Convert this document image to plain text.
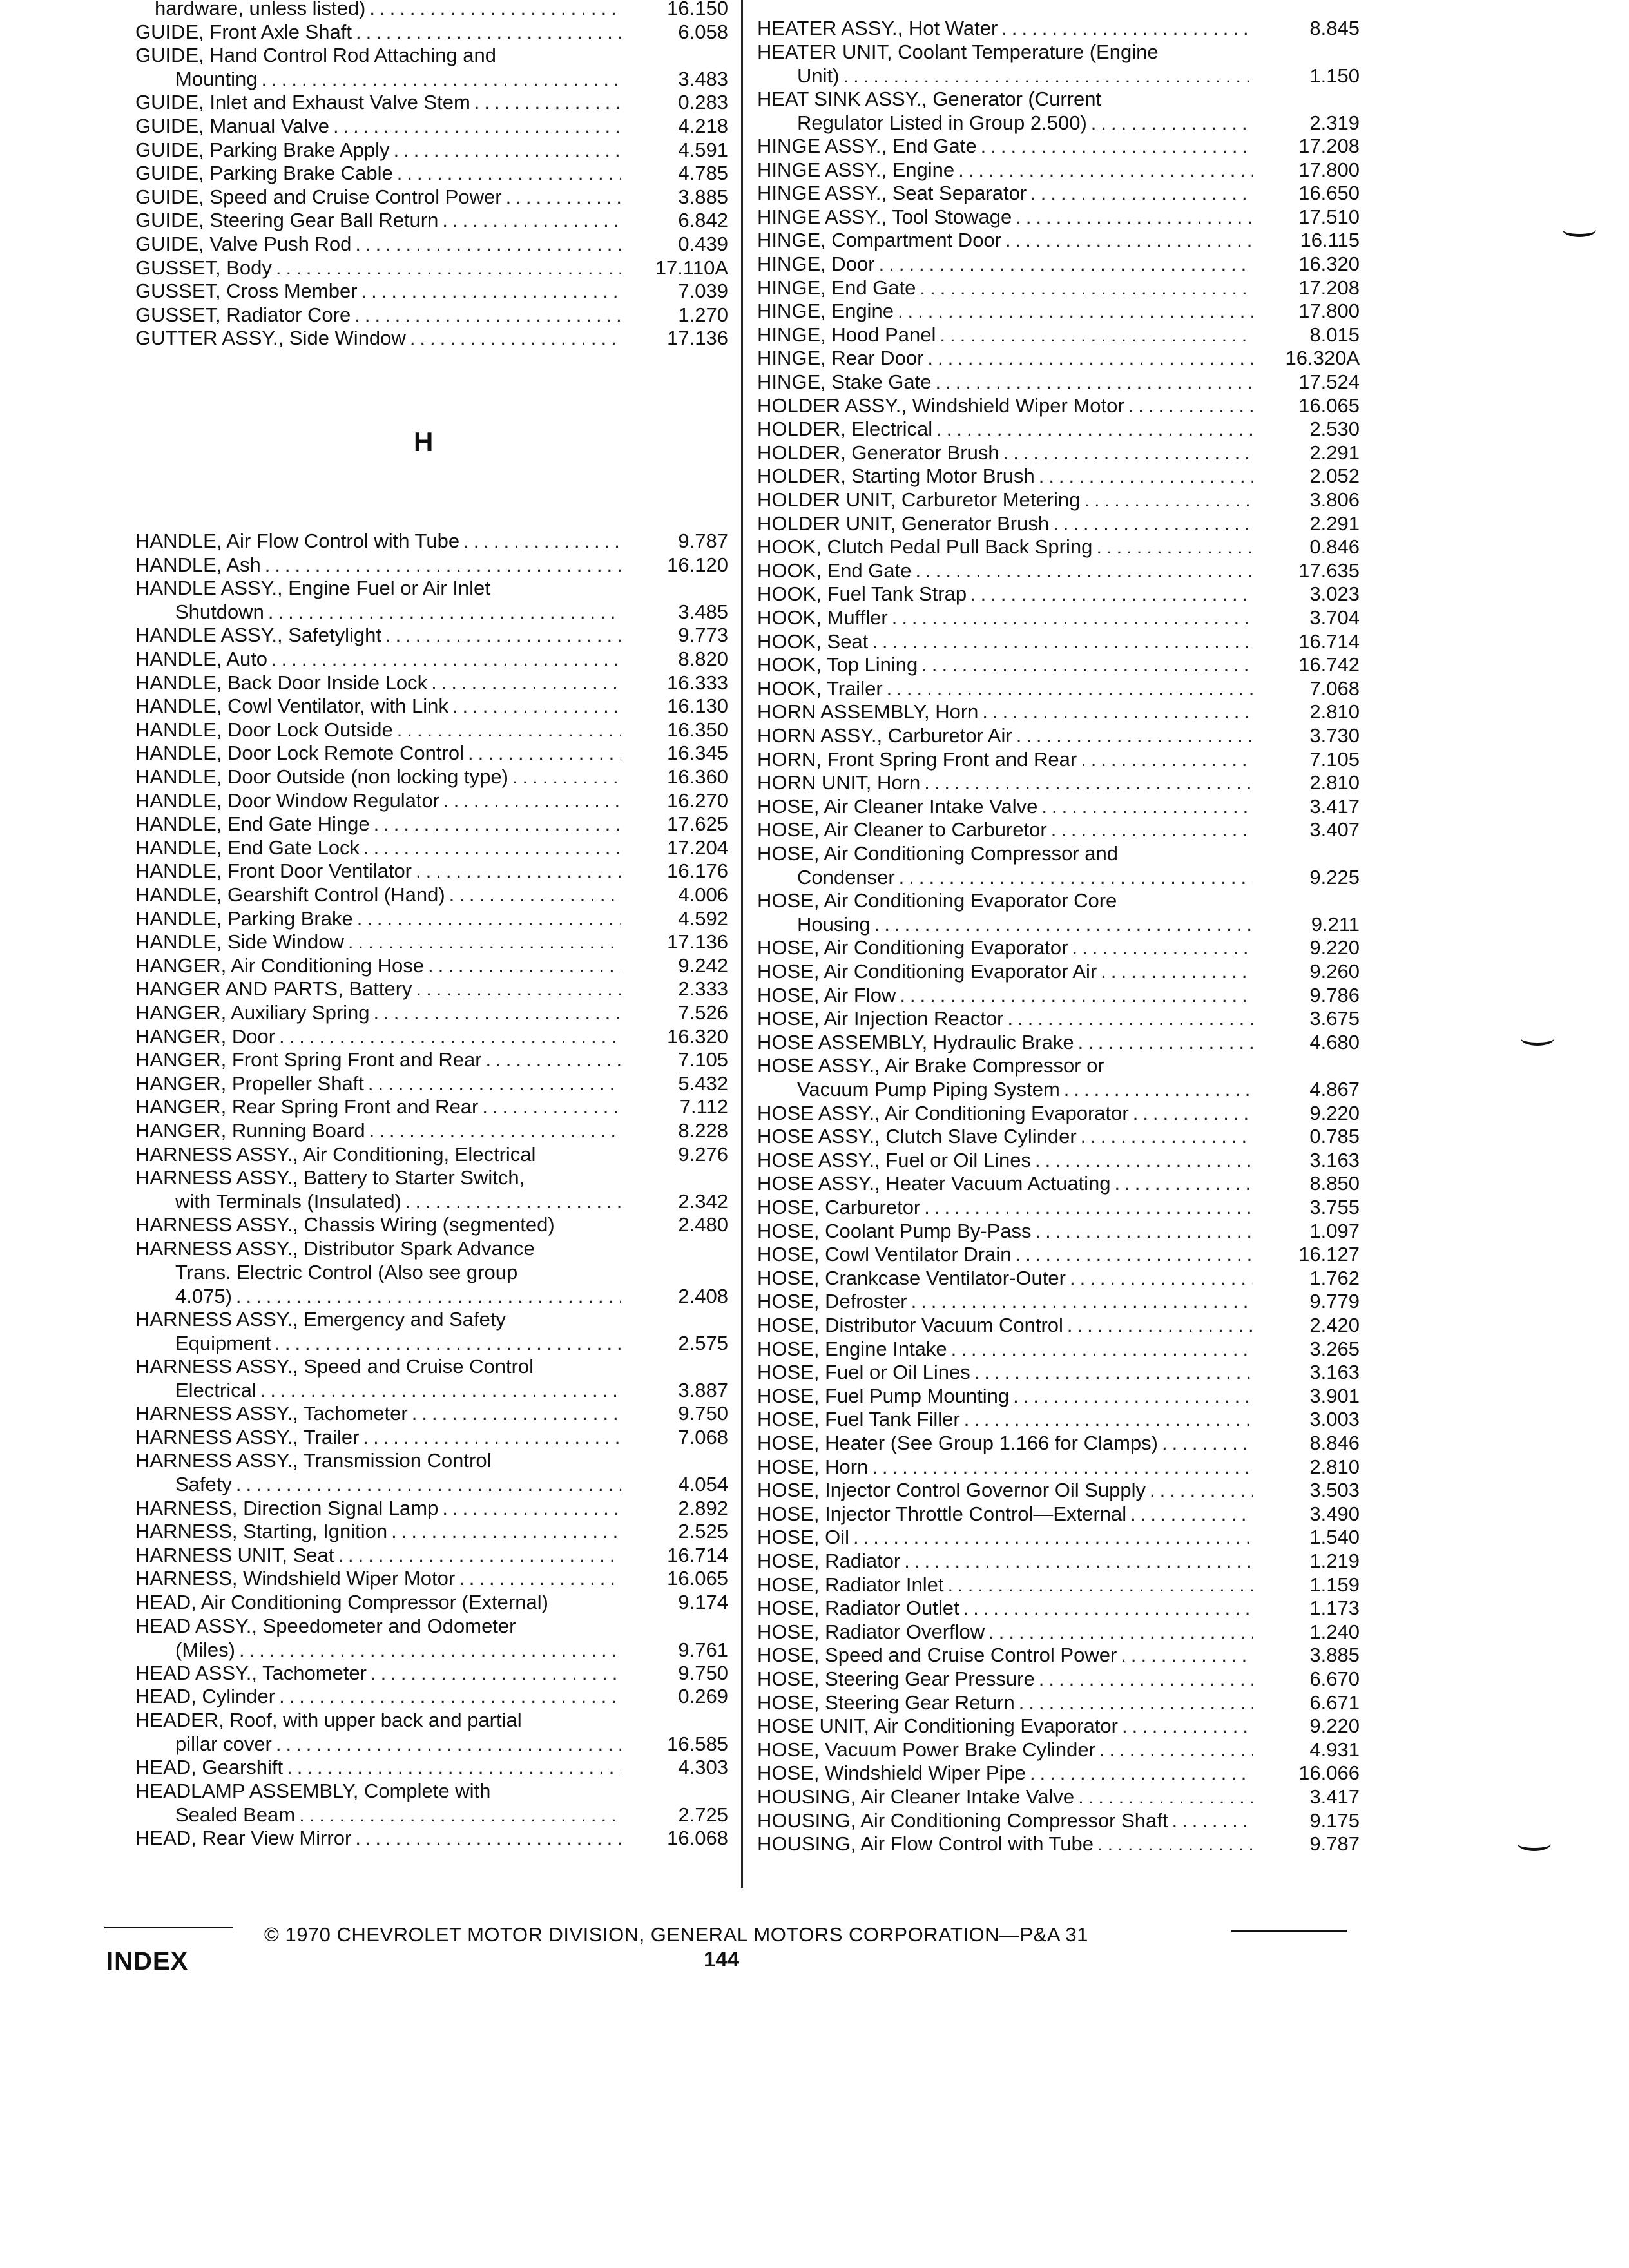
hardware, unless listed) .....	16.150
GUIDE, Front Axle Shaft .....	6.058
GUIDE, Hand Control Rod Attaching and
Mounting .....	3.483
GUIDE, Inlet and Exhaust Valve Stem .....	0.283
GUIDE, Manual Valve .....	4.218
GUIDE, Parking Brake Apply .....	4.591
GUIDE, Parking Brake Cable .....	4.785
GUIDE, Speed and Cruise Control Power .....	3.885
GUIDE, Steering Gear Ball Return .....	6.842
GUIDE, Valve Push Rod .....	0.439
GUSSET, Body .....	17.110A
GUSSET, Cross Member .....	7.039
GUSSET, Radiator Core .....	1.270
GUTTER ASSY., Side Window .....	17.136
HANDLE, Air Flow Control with Tube .....	9.787
HANDLE, Ash .....	16.120
HANDLE ASSY., Engine Fuel or Air Inlet
Shutdown .....	3.485
HANDLE ASSY., Safetylight .....	9.773
HANDLE, Auto .....	8.820
HANDLE, Back Door Inside Lock .....	16.333
HANDLE, Cowl Ventilator, with Link .....	16.130
HANDLE, Door Lock Outside .....	16.350
HANDLE, Door Lock Remote Control .....	16.345
HANDLE, Door Outside (non locking type) .....	16.360
HANDLE, Door Window Regulator .....	16.270
HANDLE, End Gate Hinge .....	17.625
HANDLE, End Gate Lock .....	17.204
HANDLE, Front Door Ventilator .....	16.176
HANDLE, Gearshift Control (Hand) .....	4.006
HANDLE, Parking Brake .....	4.592
HANDLE, Side Window .....	17.136
HANGER, Air Conditioning Hose .....	9.242
HANGER AND PARTS, Battery .....	2.333
HANGER, Auxiliary Spring .....	7.526
HANGER, Door .....	16.320
HANGER, Front Spring Front and Rear .....	7.105
HANGER, Propeller Shaft .....	5.432
HANGER, Rear Spring Front and Rear .....	7.112
HANGER, Running Board .....	8.228
HARNESS ASSY., Air Conditioning, Electrical	9.276
HARNESS ASSY., Battery to Starter Switch,
with Terminals (Insulated) .....	2.342
HARNESS ASSY., Chassis Wiring (segmented)	2.480
HARNESS ASSY., Distributor Spark Advance
Trans. Electric Control (Also see group
4.075) .....	2.408
HARNESS ASSY., Emergency and Safety
Equipment .....	2.575
HARNESS ASSY., Speed and Cruise Control
Electrical .....	3.887
HARNESS ASSY., Tachometer .....	9.750
HARNESS ASSY., Trailer .....	7.068
HARNESS ASSY., Transmission Control
Safety .....	4.054
HARNESS, Direction Signal Lamp .....	2.892
HARNESS, Starting, Ignition .....	2.525
HARNESS UNIT, Seat .....	16.714
HARNESS, Windshield Wiper Motor .....	16.065
HEAD, Air Conditioning Compressor (External)	9.174
HEAD ASSY., Speedometer and Odometer
(Miles) .....	9.761
HEAD ASSY., Tachometer .....	9.750
HEAD, Cylinder .....	0.269
HEADER, Roof, with upper back and partial
pillar cover .....	16.585
HEAD, Gearshift .....	4.303
HEADLAMP ASSEMBLY, Complete with
Sealed Beam .....	2.725
HEAD, Rear View Mirror .....	16.068
H
HEATER ASSY., Hot Water .....	8.845
HEATER UNIT, Coolant Temperature (Engine
Unit) .....	1.150
HEAT SINK ASSY., Generator (Current
Regulator Listed in Group 2.500) .....	2.319
HINGE ASSY., End Gate .....	17.208
HINGE ASSY., Engine .....	17.800
HINGE ASSY., Seat Separator .....	16.650
HINGE ASSY., Tool Stowage .....	17.510
HINGE, Compartment Door .....	16.115
HINGE, Door .....	16.320
HINGE, End Gate .....	17.208
HINGE, Engine .....	17.800
HINGE, Hood Panel .....	8.015
HINGE, Rear Door .....	16.320A
HINGE, Stake Gate .....	17.524
HOLDER ASSY., Windshield Wiper Motor .....	16.065
HOLDER, Electrical .....	2.530
HOLDER, Generator Brush .....	2.291
HOLDER, Starting Motor Brush .....	2.052
HOLDER UNIT, Carburetor Metering .....	3.806
HOLDER UNIT, Generator Brush .....	2.291
HOOK, Clutch Pedal Pull Back Spring .....	0.846
HOOK, End Gate .....	17.635
HOOK, Fuel Tank Strap .....	3.023
HOOK, Muffler .....	3.704
HOOK, Seat .....	16.714
HOOK, Top Lining .....	16.742
HOOK, Trailer .....	7.068
HORN ASSEMBLY, Horn .....	2.810
HORN ASSY., Carburetor Air .....	3.730
HORN, Front Spring Front and Rear .....	7.105
HORN UNIT, Horn .....	2.810
HOSE, Air Cleaner Intake Valve .....	3.417
HOSE, Air Cleaner to Carburetor .....	3.407
HOSE, Air Conditioning Compressor and
Condenser .....	9.225
HOSE, Air Conditioning Evaporator Core
Housing .....	9.211
HOSE, Air Conditioning Evaporator .....	9.220
HOSE, Air Conditioning Evaporator Air .....	9.260
HOSE, Air Flow .....	9.786
HOSE, Air Injection Reactor .....	3.675
HOSE ASSEMBLY, Hydraulic Brake .....	4.680
HOSE ASSY., Air Brake Compressor or
Vacuum Pump Piping System .....	4.867
HOSE ASSY., Air Conditioning Evaporator .....	9.220
HOSE ASSY., Clutch Slave Cylinder .....	0.785
HOSE ASSY., Fuel or Oil Lines .....	3.163
HOSE ASSY., Heater Vacuum Actuating .....	8.850
HOSE, Carburetor .....	3.755
HOSE, Coolant Pump By-Pass .....	1.097
HOSE, Cowl Ventilator Drain .....	16.127
HOSE, Crankcase Ventilator-Outer .....	1.762
HOSE, Defroster .....	9.779
HOSE, Distributor Vacuum Control .....	2.420
HOSE, Engine Intake .....	3.265
HOSE, Fuel or Oil Lines .....	3.163
HOSE, Fuel Pump Mounting .....	3.901
HOSE, Fuel Tank Filler .....	3.003
HOSE, Heater (See Group 1.166 for Clamps) .....	8.846
HOSE, Horn .....	2.810
HOSE, Injector Control Governor Oil Supply .....	3.503
HOSE, Injector Throttle Control—External .....	3.490
HOSE, Oil .....	1.540
HOSE, Radiator .....	1.219
HOSE, Radiator Inlet .....	1.159
HOSE, Radiator Outlet .....	1.173
HOSE, Radiator Overflow .....	1.240
HOSE, Speed and Cruise Control Power .....	3.885
HOSE, Steering Gear Pressure .....	6.670
HOSE, Steering Gear Return .....	6.671
HOSE UNIT, Air Conditioning Evaporator .....	9.220
HOSE, Vacuum Power Brake Cylinder .....	4.931
HOSE, Windshield Wiper Pipe .....	16.066
HOUSING, Air Cleaner Intake Valve .....	3.417
HOUSING, Air Conditioning Compressor Shaft .....	9.175
HOUSING, Air Flow Control with Tube .....	9.787
INDEX
© 1970 CHEVROLET MOTOR DIVISION, GENERAL MOTORS CORPORATION—P&A 31
144
